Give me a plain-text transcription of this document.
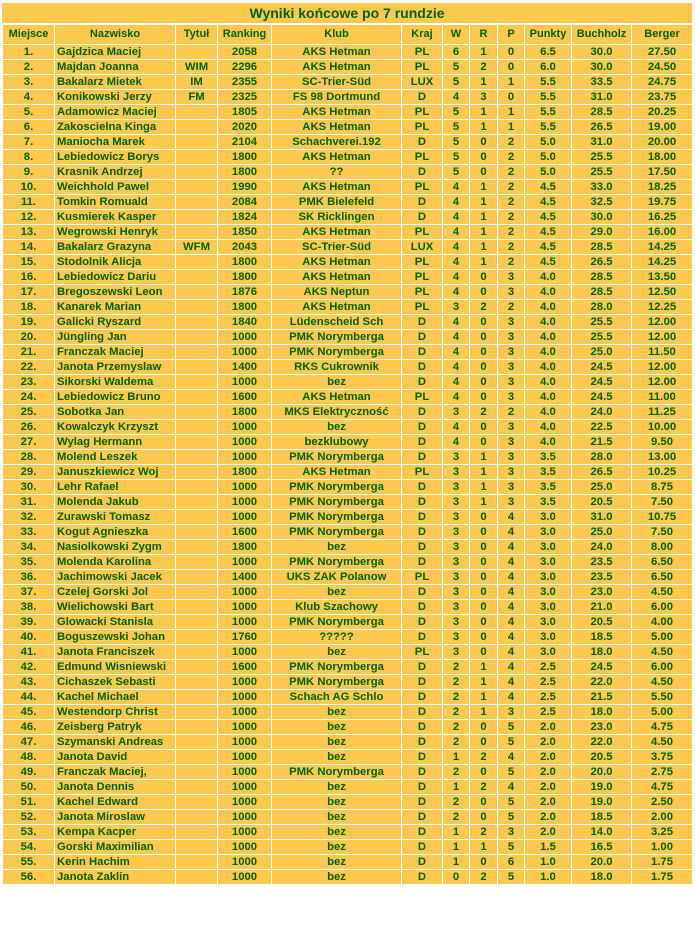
Wyniki końcowe po 7 rundzie
Miejsce	Nazwisko	Tytuł	Ranking	Klub	Kraj	W	R	P	Punkty	Buchholz	Berger
1.	Gajdzica Maciej		2058	AKS Hetman	PL	6	1	0	6.5	30.0	27.50
2.	Majdan Joanna	WIM	2296	AKS Hetman	PL	5	2	0	6.0	30.0	24.50
3.	Bakalarz Mietek	IM	2355	SC-Trier-Süd	LUX	5	1	1	5.5	33.5	24.75
4.	Konikowski Jerzy	FM	2325	FS 98 Dortmund	D	4	3	0	5.5	31.0	23.75
5.	Adamowicz Maciej		1805	AKS Hetman	PL	5	1	1	5.5	28.5	20.25
6.	Zakoscielna Kinga		2020	AKS Hetman	PL	5	1	1	5.5	26.5	19.00
7.	Maniocha Marek		2104	Schachverei.192	D	5	0	2	5.0	31.0	20.00
8.	Lebiedowicz Borys		1800	AKS Hetman	PL	5	0	2	5.0	25.5	18.00
9.	Krasnik Andrzej		1800	??	D	5	0	2	5.0	25.5	17.50
10.	Weichhold Pawel		1990	AKS Hetman	PL	4	1	2	4.5	33.0	18.25
11.	Tomkin Romuald		2084	PMK Bielefeld	D	4	1	2	4.5	32.5	19.75
12.	Kusmierek Kasper		1824	SK Ricklingen	D	4	1	2	4.5	30.0	16.25
13.	Wegrowski Henryk		1850	AKS Hetman	PL	4	1	2	4.5	29.0	16.00
14.	Bakalarz Grazyna	WFM	2043	SC-Trier-Süd	LUX	4	1	2	4.5	28.5	14.25
15.	Stodolnik Alicja		1800	AKS Hetman	PL	4	1	2	4.5	26.5	14.25
16.	Lebiedowicz Dariu		1800	AKS Hetman	PL	4	0	3	4.0	28.5	13.50
17.	Bregoszewski Leon		1876	AKS Neptun	PL	4	0	3	4.0	28.5	12.50
18.	Kanarek Marian		1800	AKS Hetman	PL	3	2	2	4.0	28.0	12.25
19.	Galicki Ryszard		1840	Lüdenscheid Sch	D	4	0	3	4.0	25.5	12.00
20.	Jüngling Jan		1000	PMK Norymberga	D	4	0	3	4.0	25.5	12.00
21.	Franczak Maciej		1000	PMK Norymberga	D	4	0	3	4.0	25.0	11.50
22.	Janota Przemyslaw		1400	RKS Cukrownik	D	4	0	3	4.0	24.5	12.00
23.	Sikorski Waldema		1000	bez	D	4	0	3	4.0	24.5	12.00
24.	Lebiedowicz Bruno		1600	AKS Hetman	PL	4	0	3	4.0	24.5	11.00
25.	Sobotka Jan		1800	MKS Elektryczność	D	3	2	2	4.0	24.0	11.25
26.	Kowalczyk Krzyszt		1000	bez	D	4	0	3	4.0	22.5	10.00
27.	Wylag Hermann		1000	bezklubowy	D	4	0	3	4.0	21.5	9.50
28.	Molend Leszek		1000	PMK Norymberga	D	3	1	3	3.5	28.0	13.00
29.	Januszkiewicz Woj		1800	AKS Hetman	PL	3	1	3	3.5	26.5	10.25
30.	Lehr Rafael		1000	PMK Norymberga	D	3	1	3	3.5	25.0	8.75
31.	Molenda Jakub		1000	PMK Norymberga	D	3	1	3	3.5	20.5	7.50
32.	Zurawski Tomasz		1000	PMK Norymberga	D	3	0	4	3.0	31.0	10.75
33.	Kogut Agnieszka		1600	PMK Norymberga	D	3	0	4	3.0	25.0	7.50
34.	Nasiolkowski Zygm		1800	bez	D	3	0	4	3.0	24.0	8.00
35.	Molenda Karolina		1000	PMK Norymberga	D	3	0	4	3.0	23.5	6.50
36.	Jachimowski Jacek		1400	UKS ZAK Polanow	PL	3	0	4	3.0	23.5	6.50
37.	Czelej Gorski Jol		1000	bez	D	3	0	4	3.0	23.0	4.50
38.	Wielichowski Bart		1000	Klub Szachowy	D	3	0	4	3.0	21.0	6.00
39.	Glowacki Stanisla		1000	PMK Norymberga	D	3	0	4	3.0	20.5	4.00
40.	Boguszewski Johan		1760	?????	D	3	0	4	3.0	18.5	5.00
41.	Janota Franciszek		1000	bez	PL	3	0	4	3.0	18.0	4.50
42.	Edmund Wisniewski		1600	PMK Norymberga	D	2	1	4	2.5	24.5	6.00
43.	Cichaszek Sebasti		1000	PMK Norymberga	D	2	1	4	2.5	22.0	4.50
44.	Kachel Michael		1000	Schach AG Schlo	D	2	1	4	2.5	21.5	5.50
45.	Westendorp Christ		1000	bez	D	2	1	3	2.5	18.0	5.00
46.	Zeisberg Patryk		1000	bez	D	2	0	5	2.0	23.0	4.75
47.	Szymanski Andreas		1000	bez	D	2	0	5	2.0	22.0	4.50
48.	Janota David		1000	bez	D	1	2	4	2.0	20.5	3.75
49.	Franczak Maciej,		1000	PMK Norymberga	D	2	0	5	2.0	20.0	2.75
50.	Janota Dennis		1000	bez	D	1	2	4	2.0	19.0	4.75
51.	Kachel Edward		1000	bez	D	2	0	5	2.0	19.0	2.50
52.	Janota Miroslaw		1000	bez	D	2	0	5	2.0	18.5	2.00
53.	Kempa Kacper		1000	bez	D	1	2	3	2.0	14.0	3.25
54.	Gorski Maximilian		1000	bez	D	1	1	5	1.5	16.5	1.00
55.	Kerin Hachim		1000	bez	D	1	0	6	1.0	20.0	1.75
56.	Janota Zaklin		1000	bez	D	0	2	5	1.0	18.0	1.75
